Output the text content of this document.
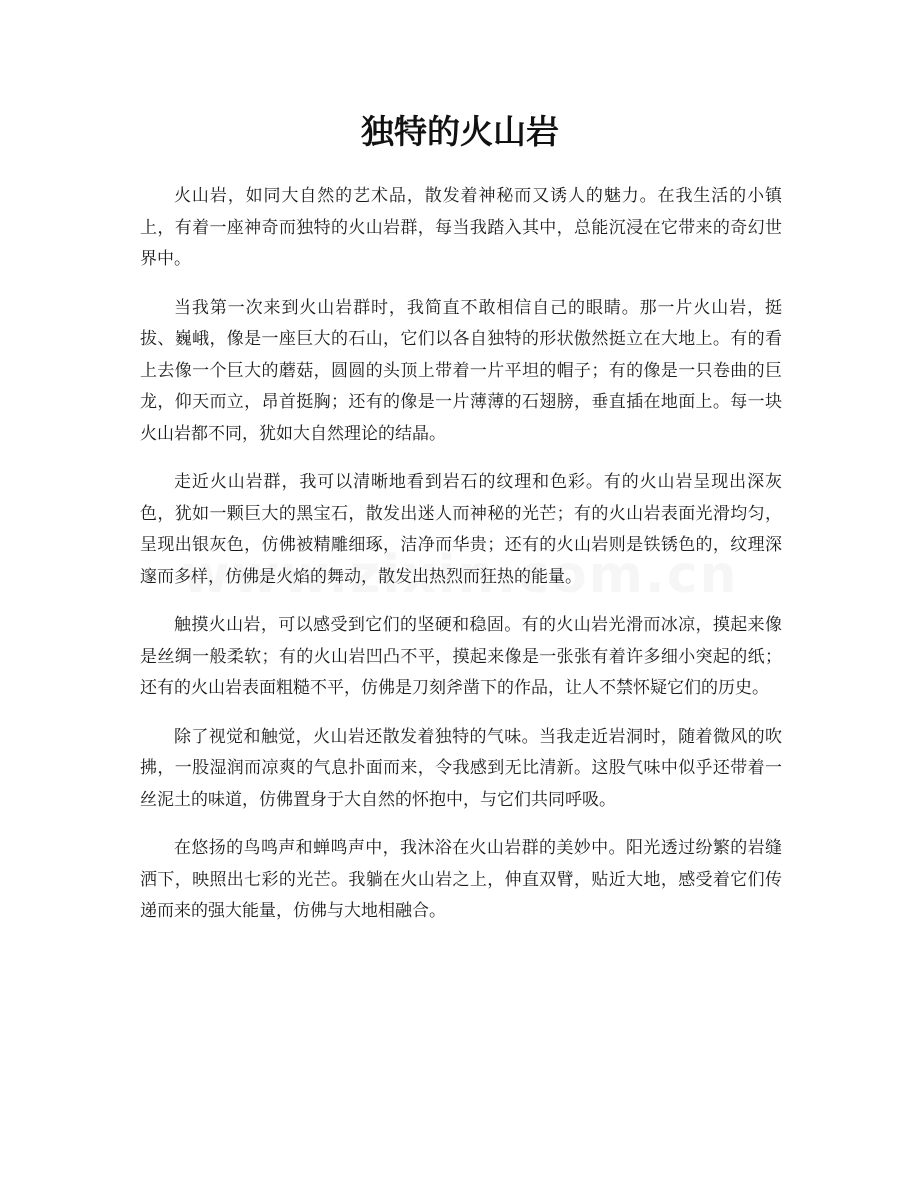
独特的火山岩

火山岩，如同大自然的艺术品，散发着神秘而又诱人的魅力。在我生活的小镇上，有着一座神奇而独特的火山岩群，每当我踏入其中，总能沉浸在它带来的奇幻世界中。

当我第一次来到火山岩群时，我简直不敢相信自己的眼睛。那一片火山岩，挺拔、巍峨，像是一座巨大的石山，它们以各自独特的形状傲然挺立在大地上。有的看上去像一个巨大的蘑菇，圆圆的头顶上带着一片平坦的帽子；有的像是一只卷曲的巨龙，仰天而立，昂首挺胸；还有的像是一片薄薄的石翅膀，垂直插在地面上。每一块火山岩都不同，犹如大自然理论的结晶。

走近火山岩群，我可以清晰地看到岩石的纹理和色彩。有的火山岩呈现出深灰色，犹如一颗巨大的黑宝石，散发出迷人而神秘的光芒；有的火山岩表面光滑均匀，呈现出银灰色，仿佛被精雕细琢，洁净而华贵；还有的火山岩则是铁锈色的，纹理深邃而多样，仿佛是火焰的舞动，散发出热烈而狂热的能量。

触摸火山岩，可以感受到它们的坚硬和稳固。有的火山岩光滑而冰凉，摸起来像是丝绸一般柔软；有的火山岩凹凸不平，摸起来像是一张张有着许多细小突起的纸；还有的火山岩表面粗糙不平，仿佛是刀刻斧凿下的作品，让人不禁怀疑它们的历史。

除了视觉和触觉，火山岩还散发着独特的气味。当我走近岩洞时，随着微风的吹拂，一股湿润而凉爽的气息扑面而来，令我感到无比清新。这股气味中似乎还带着一丝泥土的味道，仿佛置身于大自然的怀抱中，与它们共同呼吸。

在悠扬的鸟鸣声和蝉鸣声中，我沐浴在火山岩群的美妙中。阳光透过纷繁的岩缝洒下，映照出七彩的光芒。我躺在火山岩之上，伸直双臂，贴近大地，感受着它们传递而来的强大能量，仿佛与大地相融合。
